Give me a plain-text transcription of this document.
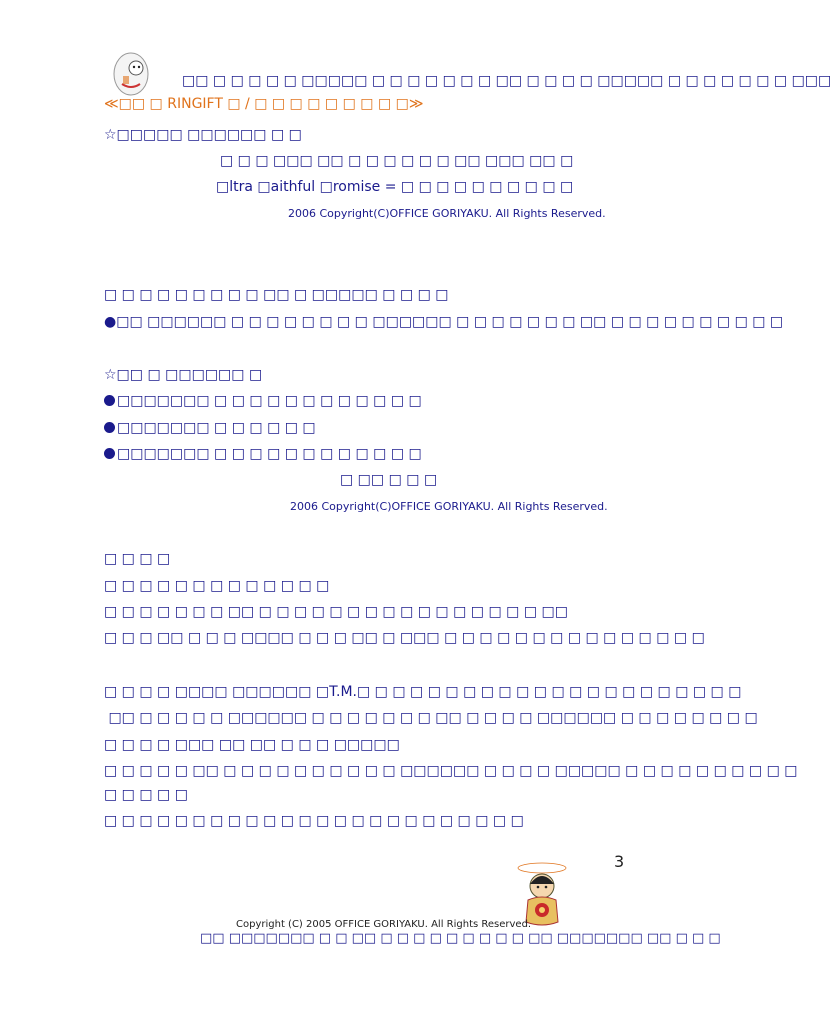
□□ □ □ □ □ □ □□□□□ □ □ □ □ □ □ □ □□ □ □ □ □ □□□□□ □ □ □ □ □ □ □ □□□
≪□□ □ RINGIFT □ / □ □ □ □ □ □ □ □ □≫
☆□□□□□ □□□□□□ □ □
□ □ □ □□□ □□ □ □ □ □ □ □ □□ □□□ □□ □
□ltra □aithful □romise = □ □ □ □ □ □ □ □ □ □
2006 Copyright(C)OFFICE GORIYAKU. All Rights Reserved.
□ □ □ □ □ □ □ □ □ □□ □ □□□□□ □ □ □ □
●□□ □□□□□□ □ □ □ □ □ □ □ □ □□□□□□ □ □ □ □ □ □ □ □□ □ □ □ □ □ □ □ □ □ □
☆□□ □ □□□□□□ □
□□□□□□□ □ □ □ □ □ □ □ □ □ □ □ □
□□□□□□□ □ □ □ □ □ □
□□□□□□□ □ □ □ □ □ □ □ □ □ □ □ □
□ □□ □ □ □
2006 Copyright(C)OFFICE GORIYAKU. All Rights Reserved.
□ □ □ □
□ □ □ □ □ □ □ □ □ □ □ □ □
□ □ □ □ □ □ □ □□ □ □ □ □ □ □ □ □ □ □ □ □ □ □ □ □ □□
□ □ □ □□ □ □ □ □□□□ □ □ □ □□ □ □□□ □ □ □ □ □ □ □ □ □ □ □ □ □ □ □
□ □ □ □ □□□□ □□□□□□ □T.M.□ □ □ □ □ □ □ □ □ □ □ □ □ □ □ □ □ □ □ □ □ □
□□ □ □ □ □ □ □□□□□□ □ □ □ □ □ □ □ □□ □ □ □ □ □□□□□□ □ □ □ □ □ □ □ □
□ □ □ □ □□□ □□ □□ □ □ □ □□□□□
□ □ □ □ □ □□ □ □ □ □ □ □ □ □ □ □ □□□□□□ □ □ □ □ □□□□□ □ □ □ □ □ □ □ □ □ □
□ □ □ □ □
□ □ □ □ □ □ □ □ □ □ □ □ □ □ □ □ □ □ □ □ □ □ □ □
3
Copyright (C) 2005 OFFICE GORIYAKU. All Rights Reserved.
□□ □□□□□□□ □ □ □□ □ □ □ □ □ □ □ □ □ □□ □□□□□□□ □□ □ □ □
